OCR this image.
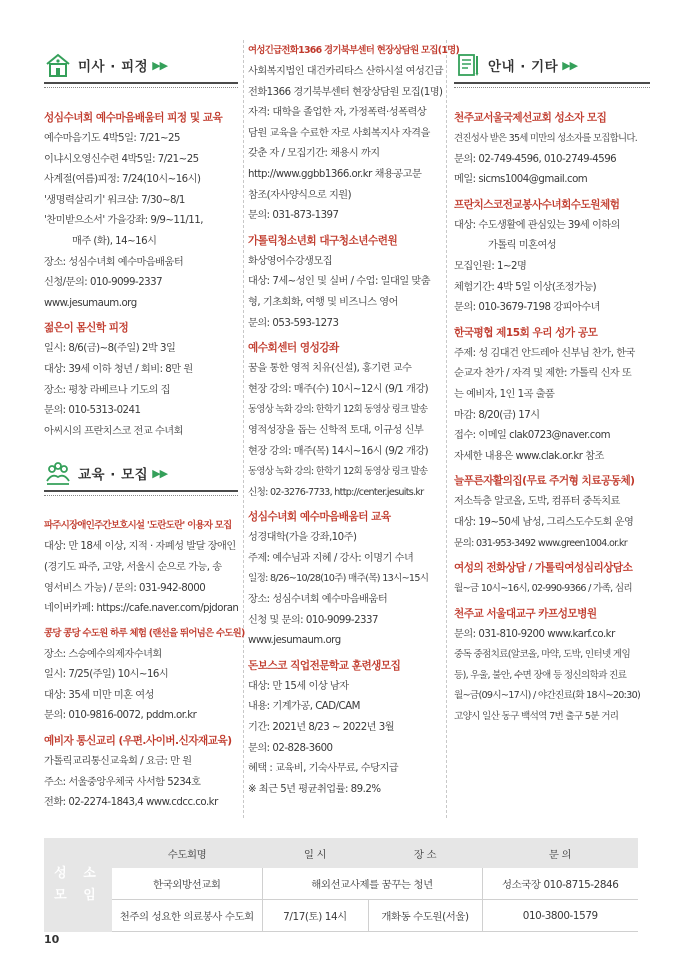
미사 · 피정 ▶▶
성심수녀회 예수마음배움터 피정 및 교육
예수마음기도 4박5일: 7/21~25
이냐시오영신수련 4박5일: 7/21~25
사계절(여름)피정: 7/24(10시~16시)
'생명력살리기' 워크샵: 7/30~8/1
'찬미받으소서' 가을강좌: 9/9~11/11,
매주 (화), 14~16시
장소: 성심수녀회 예수마음배움터
신청/문의: 010-9099-2337
www.jesumaum.org
젊은이 몸신학 피정
일시: 8/6(금)~8(주일) 2박 3일
대상: 39세 이하 청년 / 회비: 8만 원
장소: 평창 라베르나 기도의 집
문의: 010-5313-0241
아씨시의 프란치스코 전교 수녀회
교육 · 모집 ▶▶
파주시장애인주간보호시설 '도란도란' 이용자 모집
대상: 만 18세 이상, 지적 · 자폐성 발달 장애인
(경기도 파주, 고양, 서울시 순으로 가능, 송
영서비스 가능) / 문의: 031-942-8000
네이버카페: https://cafe.naver.com/pjdoran
콩당 콩당 수도원 하루 체험 (랜선을 뛰어넘은 수도원)
장소: 스승예수의제자수녀회
일시: 7/25(주일) 10시~16시
대상: 35세 미만 미혼 여성
문의: 010-9816-0072, pddm.or.kr
예비자 통신교리 (우편.사이버.신자재교육)
가톨릭교리통신교육회 / 요금: 만 원
주소: 서울중앙우체국 사서함 5234호
전화: 02-2274-1843,4 www.cdcc.co.kr
여성긴급전화1366 경기북부센터 현장상담원 모집(1명)
사회복지법인 대건카리타스 산하시설 여성긴급
전화1366 경기북부센터 현장상담원 모집(1명)
자격: 대학을 졸업한 자, 가정폭력·성폭력상
담원 교육을 수료한 자로 사회복지사 자격을
갖춘 자 / 모집기간: 채용시 까지
http://www.ggbb1366.or.kr 채용공고문
참조(자사양식으로 지원)
문의: 031-873-1397
가톨릭청소년회 대구청소년수련원
화상영어수강생모집
대상: 7세~성인 및 실버 / 수업: 일대일 맞춤
형, 기초회화, 여행 및 비즈니스 영어
문의: 053-593-1273
예수회센터 영성강좌
꿈을 통한 영적 치유(신설), 홍기련 교수
현장 강의: 매주(수) 10시~12시 (9/1 개강)
동영상 녹화 강의: 한학기 12회 동영상 링크 발송
영적성장을 돕는 신학적 토대, 이규성 신부
현장 강의: 매주(목) 14시~16시 (9/2 개강)
동영상 녹화 강의: 한학기 12회 동영상 링크 발송
신청: 02-3276-7733, http://center.jesuits.kr
성심수녀회 예수마음배움터 교육
성경대학(가을 강좌,10주)
주제: 예수님과 지혜 / 강사: 이명기 수녀
일정: 8/26~10/28(10주) 매주(목) 13시~15시
장소: 성심수녀회 예수마음배움터
신청 및 문의: 010-9099-2337
www.jesumaum.org
돈보스코 직업전문학교 훈련생모집
대상: 만 15세 이상 남자
내용: 기계가공, CAD/CAM
기간: 2021년 8/23 ~ 2022년 3월
문의: 02-828-3600
혜택 : 교육비, 기숙사무료, 수당지급
※ 최근 5년 평균취업률: 89.2%
안내 · 기타 ▶▶
천주교서울국제선교회 성소자 모집
견진성사 받은 35세 미만의 성소자를 모집합니다.
문의: 02-749-4596, 010-2749-4596
메일: sicms1004@gmail.com
프란치스코전교봉사수녀회수도원체험
대상: 수도생활에 관심있는 39세 이하의
가톨릭 미혼여성
모집인원: 1~2명
체험기간: 4박 5일 이상(조정가능)
문의: 010-3679-7198 강피아수녀
한국평협 제15회 우리 성가 공모
주제: 성 김대건 안드레아 신부님 찬가, 한국
순교자 찬가 / 자격 및 제한: 가톨릭 신자 또
는 예비자, 1인 1곡 출품
마감: 8/20(금) 17시
접수: 이메일 clak0723@naver.com
자세한 내용은 www.clak.or.kr 참조
늘푸른자활의집(무료 주거형 치료공동체)
저소득층 알코올, 도박, 컴퓨터 중독치료
대상: 19~50세 남성, 그리스도수도회 운영
문의: 031-953-3492 www.green1004.or.kr
여성의 전화상담 / 가톨릭여성심리상담소
월~금 10시~16시, 02-990-9366 / 가족, 심리
천주교 서울대교구 카프성모병원
문의: 031-810-9200 www.karf.co.kr
중독 중점치료(알코올, 마약, 도박, 인터넷 게임
등), 우울, 불안, 수면 장애 등 정신의학과 진료
월~금(09시~17시) / 야간진료(화 18시~20:30)
고양시 일산 동구 백석역 7번 출구 5분 거리
성 소
모 임	수도회명	일 시	장 소	문 의
	한국외방선교회	해외선교사제를 꿈꾸는 청년		성소국장 010-8715-2846
	천주의 성요한 의료봉사 수도회	7/17(토) 14시	개화동 수도원(서울)	010-3800-1579
10
